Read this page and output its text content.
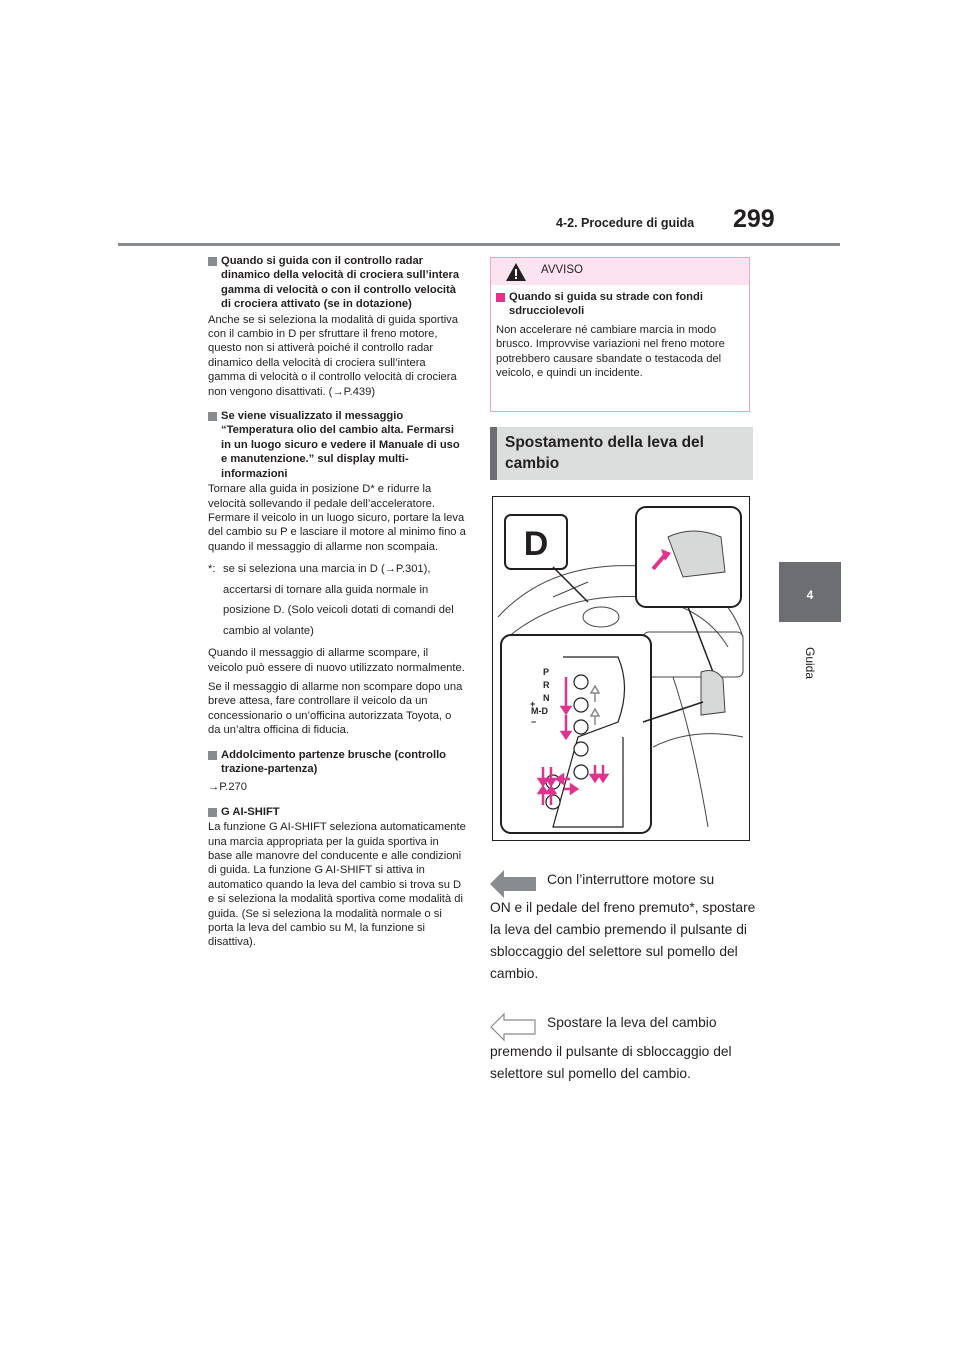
4-2. Procedure di guida 299
4
Guida
Quando si guida con il controllo radar dinamico della velocità di crociera sull’intera gamma di velocità o con il controllo velocità di crociera attivato (se in dotazione)

Anche se si seleziona la modalità di guida sportiva con il cambio in D per sfruttare il freno motore, questo non si attiverà poiché il controllo radar dinamico della velocità di crociera sull’intera gamma di velocità o il controllo velocità di crociera non vengono disattivati. (→P.439)

Se viene visualizzato il messaggio “Temperatura olio del cambio alta. Fermarsi in un luogo sicuro e vedere il Manuale di uso e manutenzione.” sul display multi-informazioni

Tornare alla guida in posizione D* e ridurre la velocità sollevando il pedale dell’acceleratore. Fermare il veicolo in un luogo sicuro, portare la leva del cambio su P e lasciare il motore al minimo fino a quando il messaggio di allarme non scompaia.

*: se si seleziona una marcia in D (→P.301), accertarsi di tornare alla guida normale in posizione D. (Solo veicoli dotati di comandi del cambio al volante)

Quando il messaggio di allarme scompare, il veicolo può essere di nuovo utilizzato normalmente.

Se il messaggio di allarme non scompare dopo una breve attesa, fare controllare il veicolo da un concessionario o un’officina autorizzata Toyota, o da un’altra officina di fiducia.

Addolcimento partenze brusche (controllo trazione-partenza)

→P.270

G AI-SHIFT

La funzione G AI-SHIFT seleziona automaticamente una marcia appropriata per la guida sportiva in base alle manovre del conducente e alle condizioni di guida. La funzione G AI-SHIFT si attiva in automatico quando la leva del cambio si trova su D e si seleziona la modalità sportiva come modalità di guida. (Se si seleziona la modalità normale o si porta la leva del cambio su M, la funzione si disattiva).

AVVISO
Quando si guida su strade con fondi sdrucciolevoli

Non accelerare né cambiare marcia in modo brusco. Improvvise variazioni nel freno motore potrebbero causare sbandate o testacoda del veicolo, e quindi un incidente.

Spostamento della leva del cambio
D
P
R
N
M-D
+
−
Con l’interruttore motore su

ON e il pedale del freno premuto*, spostare la leva del cambio premendo il pulsante di sbloccaggio del selettore sul pomello del cambio.

Spostare la leva del cambio

premendo il pulsante di sbloccaggio del selettore sul pomello del cambio.
